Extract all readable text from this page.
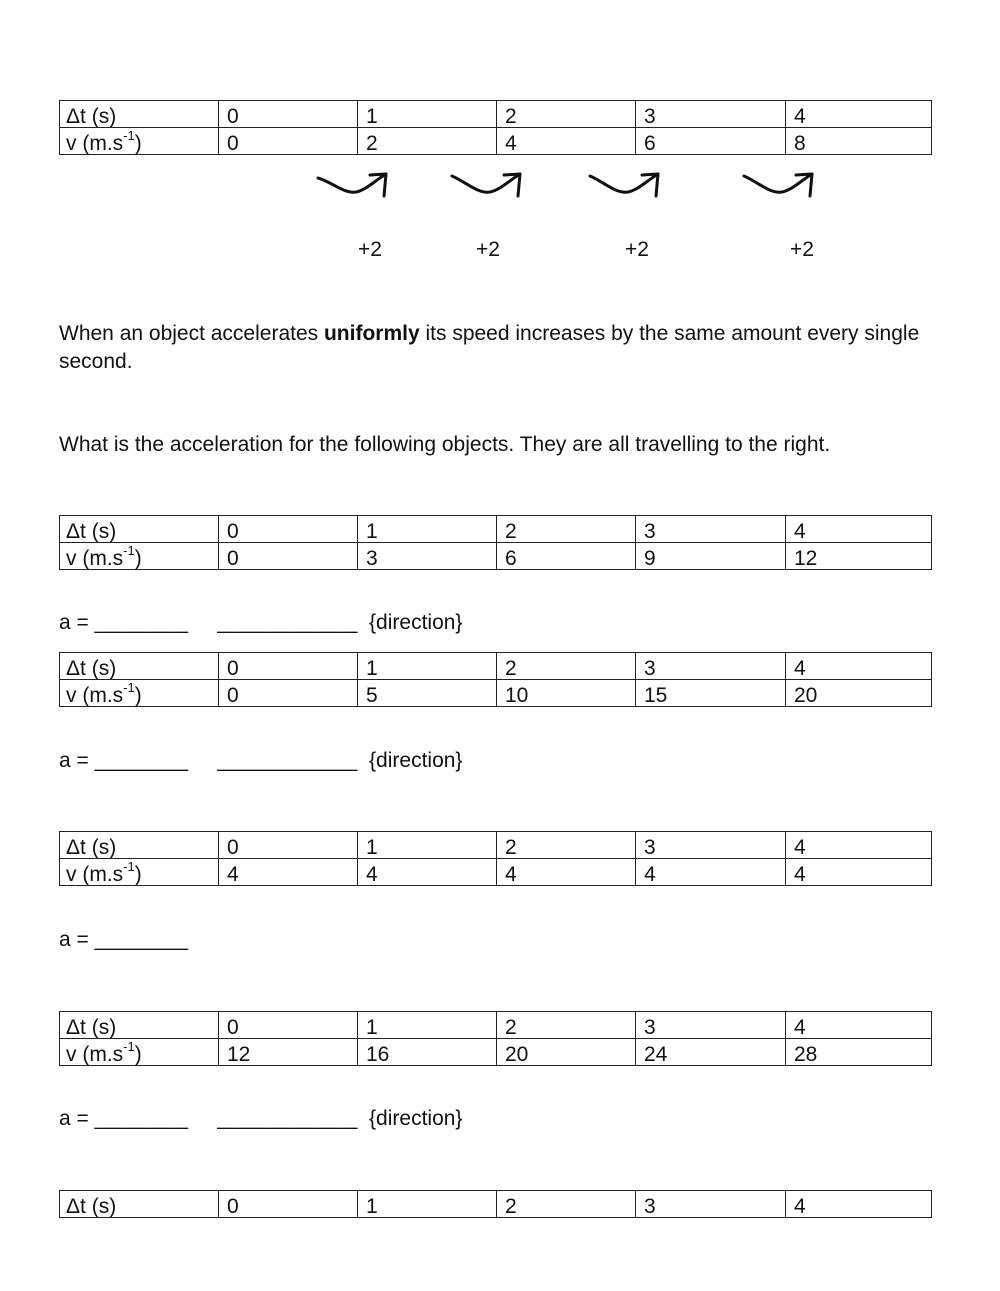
Δt (s)	0	1	2	3	4
v $(m.s^{-1})$	0	2	4	6	8
+2	+2	+2	+2
When an object accelerates uniformly its speed increases by the same amount every single second.
What is the acceleration for the following objects. They are all travelling to the right.
Δt (s)	0	1	2	3	4
v $(m.s^{-1})$	0	3	6	9	12
a = ________     ____________  {direction}
Δt (s)	0	1	2	3	4
v $(m.s^{-1})$	0	5	10	15	20
a = ________     ____________  {direction}
Δt (s)	0	1	2	3	4
v $(m.s^{-1})$	4	4	4	4	4
a = ________
Δt (s)	0	1	2	3	4
v $(m.s^{-1})$	12	16	20	24	28
a = ________     ____________  {direction}
Δt (s)	0	1	2	3	4
